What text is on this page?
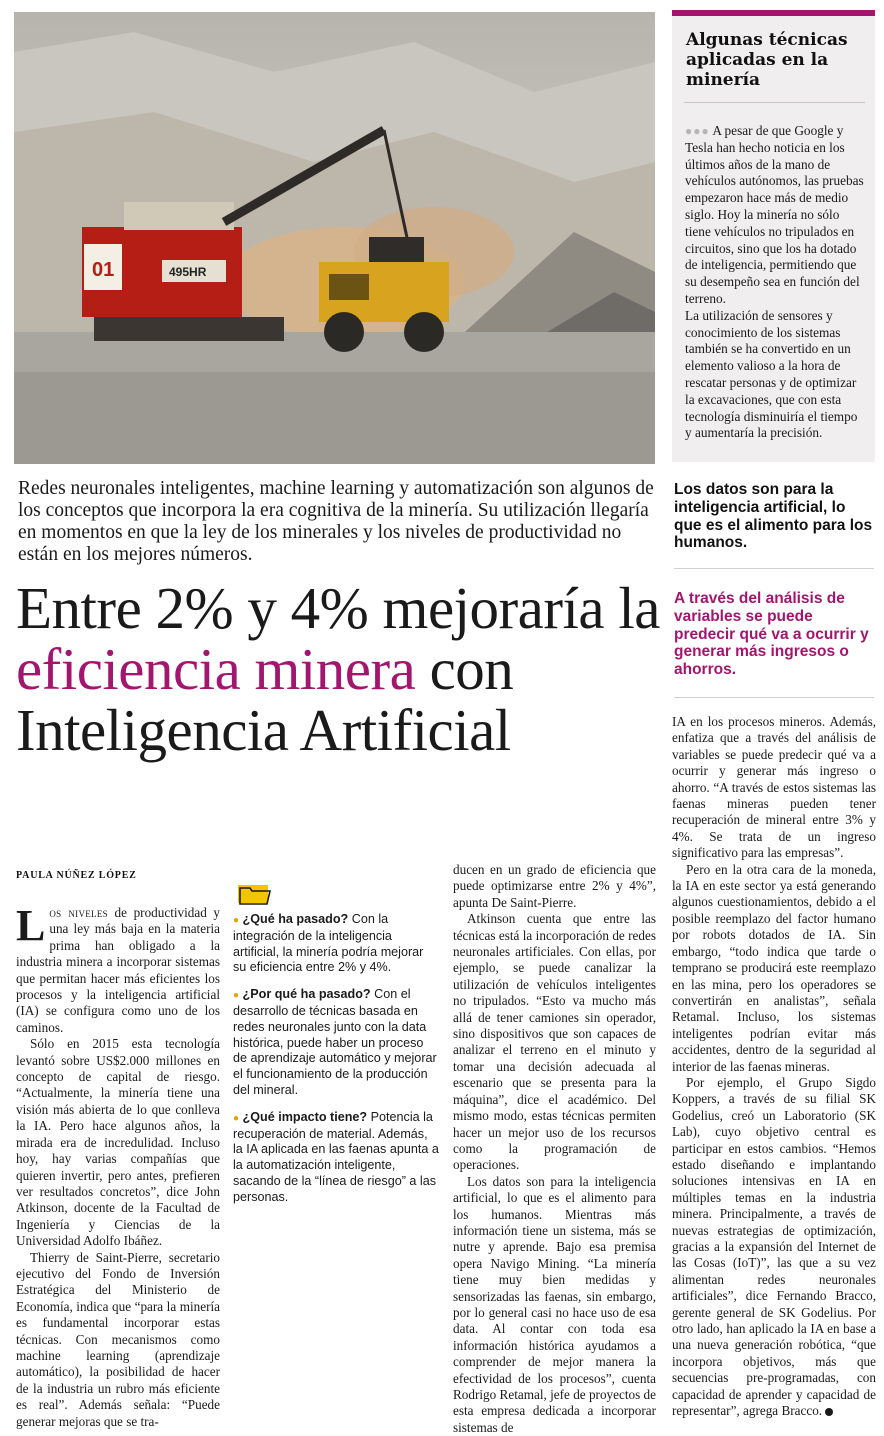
01	495HR
Algunas técnicas aplicadas en la minería
●●● A pesar de que Google y Tesla han hecho noticia en los últimos años de la mano de vehículos autónomos, las pruebas empezaron hace más de medio siglo. Hoy la minería no sólo tiene vehículos no tripulados en circuitos, sino que los ha dotado de inteligencia, permitiendo que su desempeño sea en función del terreno.
La utilización de sensores y conocimiento de los sistemas también se ha convertido en un elemento valioso a la hora de rescatar personas y de optimizar la excavaciones, que con esta tecnología disminuiría el tiempo y aumentaría la precisión.
Los datos son para la inteligencia artificial, lo que es el alimento para los humanos.
A través del análisis de variables se puede predecir qué va a ocurrir y generar más ingresos o ahorros.
Redes neuronales inteligentes, machine learning y automatización son algunos de los conceptos que incorpora la era cognitiva de la minería. Su utilización llegaría en momentos en que la ley de los minerales y los niveles de productividad no están en los mejores números.
Entre 2% y 4% mejoraría la eficiencia minera con Inteligencia Artificial
PAULA NÚÑEZ LÓPEZ

L os niveles de productividad y una ley más baja en la materia prima han obligado a la industria minera a incorporar sistemas que permitan hacer más eficientes los procesos y la inteligencia artificial (IA) se configura como uno de los caminos.

Sólo en 2015 esta tecnología levantó sobre US$2.000 millones en concepto de capital de riesgo. “Actualmente, la minería tiene una visión más abierta de lo que conlleva la IA. Pero hace algunos años, la mirada era de incredulidad. Incluso hoy, hay varias compañías que quieren invertir, pero antes, prefieren ver resultados concretos”, dice John Atkinson, docente de la Facultad de Ingeniería y Ciencias de la Universidad Adolfo Ibáñez.

Thierry de Saint-Pierre, secretario ejecutivo del Fondo de Inversión Estratégica del Ministerio de Economía, indica que “para la minería es fundamental incorporar estas técnicas. Con mecanismos como machine learning (aprendizaje automático), la posibilidad de hacer de la industria un rubro más eficiente es real”. Además señala: “Puede generar mejoras que se tra-

● ¿Qué ha pasado? Con la integración de la inteligencia artificial, la minería podría mejorar su eficiencia entre 2% y 4%.
● ¿Por qué ha pasado? Con el desarrollo de técnicas basada en redes neuronales junto con la data histórica, puede haber un proceso de aprendizaje automático y mejorar el funcionamiento de la producción del mineral.
● ¿Qué impacto tiene? Potencia la recuperación de material. Además, la IA aplicada en las faenas apunta a la automatización inteligente, sacando de la “línea de riesgo” a las personas.

ducen en un grado de eficiencia que puede optimizarse entre 2% y 4%”, apunta De Saint-Pierre.

Atkinson cuenta que entre las técnicas está la incorporación de redes neuronales artificiales. Con ellas, por ejemplo, se puede canalizar la utilización de vehículos inteligentes no tripulados. “Esto va mucho más allá de tener camiones sin operador, sino dispositivos que son capaces de analizar el terreno en el minuto y tomar una decisión adecuada al escenario que se presenta para la máquina”, dice el académico. Del mismo modo, estas técnicas permiten hacer un mejor uso de los recursos como la programación de operaciones.

Los datos son para la inteligencia artificial, lo que es el alimento para los humanos. Mientras más información tiene un sistema, más se nutre y aprende. Bajo esa premisa opera Navigo Mining. “La minería tiene muy bien medidas y sensorizadas las faenas, sin embargo, por lo general casi no hace uso de esa data. Al contar con toda esa información histórica ayudamos a comprender de mejor manera la efectividad de los procesos”, cuenta Rodrigo Retamal, jefe de proyectos de esta empresa dedicada a incorporar sistemas de

IA en los procesos mineros. Además, enfatiza que a través del análisis de variables se puede predecir qué va a ocurrir y generar más ingreso o ahorro. “A través de estos sistemas las faenas mineras pueden tener recuperación de mineral entre 3% y 4%. Se trata de un ingreso significativo para las empresas”.

Pero en la otra cara de la moneda, la IA en este sector ya está generando algunos cuestionamientos, debido a el posible reemplazo del factor humano por robots dotados de IA. Sin embargo, “todo indica que tarde o temprano se producirá este reemplazo en las mina, pero los operadores se convertirán en analistas”, señala Retamal. Incluso, los sistemas inteligentes podrían evitar más accidentes, dentro de la seguridad al interior de las faenas mineras.

Por ejemplo, el Grupo Sigdo Koppers, a través de su filial SK Godelius, creó un Laboratorio (SK Lab), cuyo objetivo central es participar en estos cambios. “Hemos estado diseñando e implantando soluciones intensivas en IA en múltiples temas en la industria minera. Principalmente, a través de nuevas estrategias de optimización, gracias a la expansión del Internet de las Cosas (IoT)”, las que a su vez alimentan redes neuronales artificiales”, dice Fernando Bracco, gerente general de SK Godelius. Por otro lado, han aplicado la IA en base a una nueva generación robótica, “que incorpora objetivos, más que secuencias pre-programadas, con capacidad de aprender y capacidad de representar”, agrega Bracco.
